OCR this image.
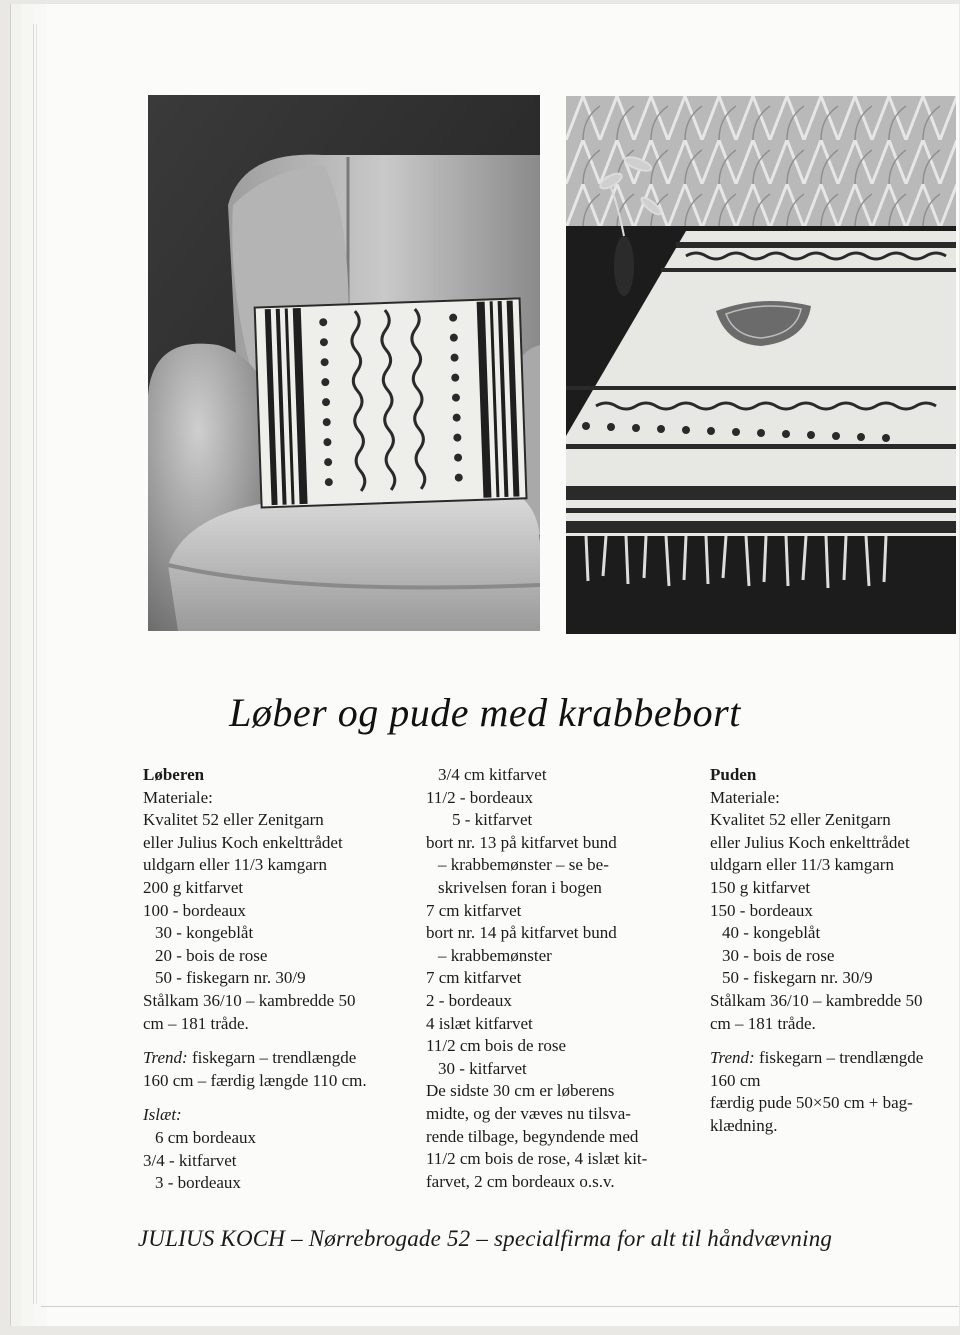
Løber og pude med krabbebort

Løberen

Materiale:

Kvalitet 52 eller Zenitgarn

eller Julius Koch enkelttrådet

uldgarn eller 11/3 kamgarn

200 g kitfarvet

100 - bordeaux

30 - kongeblåt

20 - bois de rose

50 - fiskegarn nr. 30/9

Stålkam 36/10 – kambredde 50

cm – 181 tråde.

Trend: fiskegarn – trendlængde

160 cm – færdig længde 110 cm.

Islæt:

6 cm bordeaux

3/4 - kitfarvet

3 - bordeaux

3/4 cm kitfarvet

11/2 - bordeaux

5 - kitfarvet

bort nr. 13 på kitfarvet bund

– krabbemønster – se be-

skrivelsen foran i bogen

7 cm kitfarvet

bort nr. 14 på kitfarvet bund

– krabbemønster

7 cm kitfarvet

2 - bordeaux

4 islæt kitfarvet

11/2 cm bois de rose

30 - kitfarvet

De sidste 30 cm er løberens

midte, og der væves nu tilsva-

rende tilbage, begyndende med

11/2 cm bois de rose, 4 islæt kit-

farvet, 2 cm bordeaux o.s.v.

Puden

Materiale:

Kvalitet 52 eller Zenitgarn

eller Julius Koch enkelttrådet

uldgarn eller 11/3 kamgarn

150 g kitfarvet

150 - bordeaux

40 - kongeblåt

30 - bois de rose

50 - fiskegarn nr. 30/9

Stålkam 36/10 – kambredde 50

cm – 181 tråde.

Trend: fiskegarn – trendlængde

160 cm

færdig pude 50×50 cm + bag-

klædning.

JULIUS KOCH – Nørrebrogade 52 – specialfirma for alt til håndvævning
